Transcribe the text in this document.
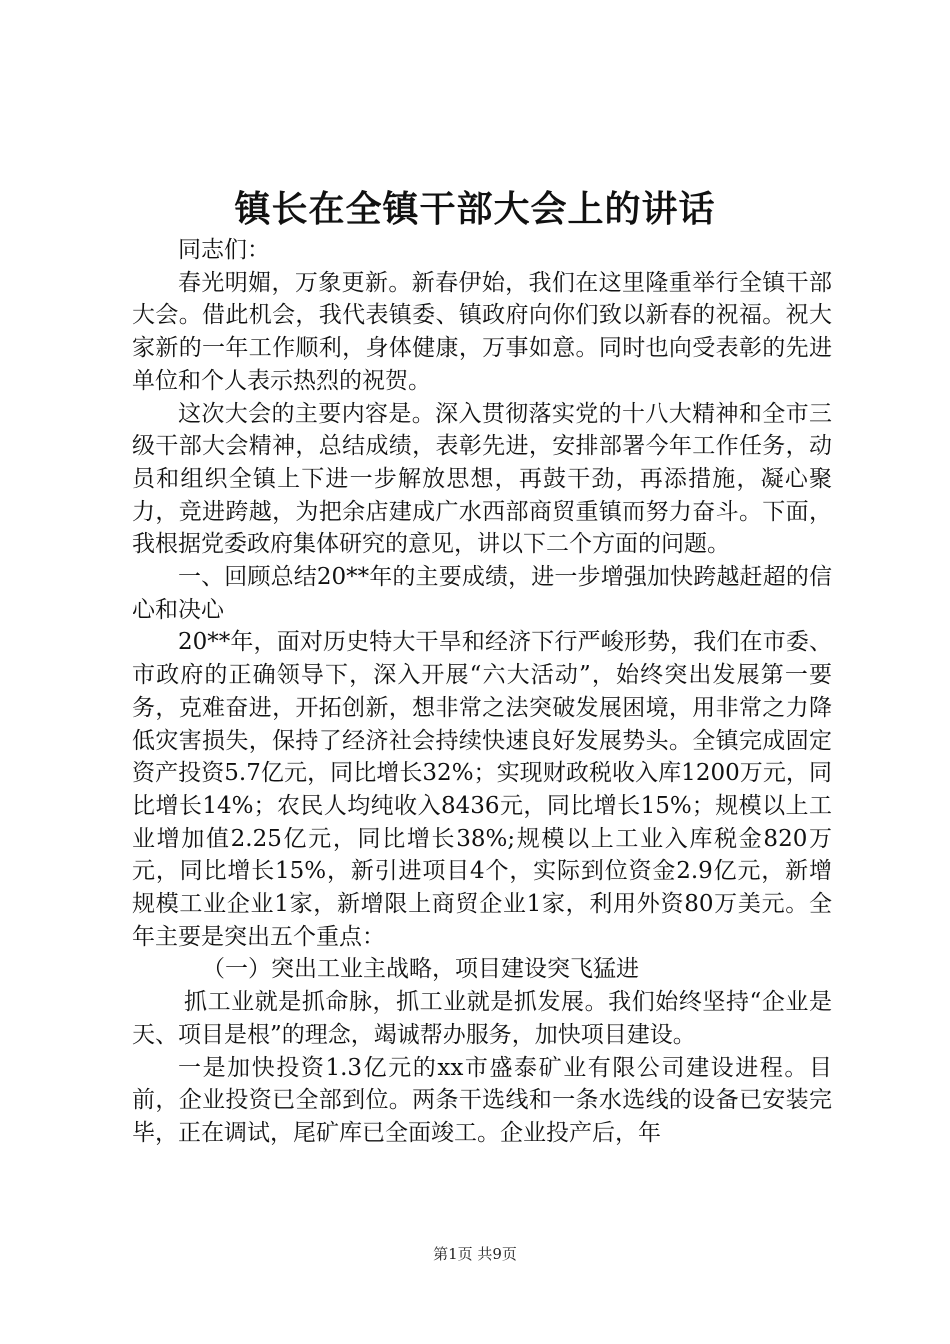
镇长在全镇干部大会上的讲话

同志们：

春光明媚，万象更新。新春伊始，我们在这里隆重举行全镇干部大会。借此机会，我代表镇委、镇政府向你们致以新春的祝福。祝大家新的一年工作顺利，身体健康，万事如意。同时也向受表彰的先进单位和个人表示热烈的祝贺。

这次大会的主要内容是。深入贯彻落实党的十八大精神和全市三级干部大会精神，总结成绩，表彰先进，安排部署今年工作任务，动员和组织全镇上下进一步解放思想，再鼓干劲，再添措施，凝心聚力，竞进跨越，为把余店建成广水西部商贸重镇而努力奋斗。下面，我根据党委政府集体研究的意见，讲以下二个方面的问题。

一、回顾总结20**年的主要成绩，进一步增强加快跨越赶超的信心和决心

20**年，面对历史特大干旱和经济下行严峻形势，我们在市委、市政府的正确领导下，深入开展“六大活动”，始终突出发展第一要务，克难奋进，开拓创新，想非常之法突破发展困境，用非常之力降低灾害损失，保持了经济社会持续快速良好发展势头。全镇完成固定资产投资5.7亿元，同比增长32%；实现财政税收入库1200万元，同比增长14%；农民人均纯收入8436元，同比增长15%；规模以上工业增加值2.25亿元，同比增长38%;规模以上工业入库税金820万元，同比增长15%，新引进项目4个，实际到位资金2.9亿元，新增规模工业企业1家，新增限上商贸企业1家，利用外资80万美元。全年主要是突出五个重点：

（一）突出工业主战略，项目建设突飞猛进

抓工业就是抓命脉，抓工业就是抓发展。我们始终坚持“企业是天、项目是根”的理念，竭诚帮办服务，加快项目建设。

一是加快投资1.3亿元的xx市盛泰矿业有限公司建设进程。目前，企业投资已全部到位。两条干选线和一条水选线的设备已安装完毕，正在调试，尾矿库已全面竣工。企业投产后，年

第1页 共9页
